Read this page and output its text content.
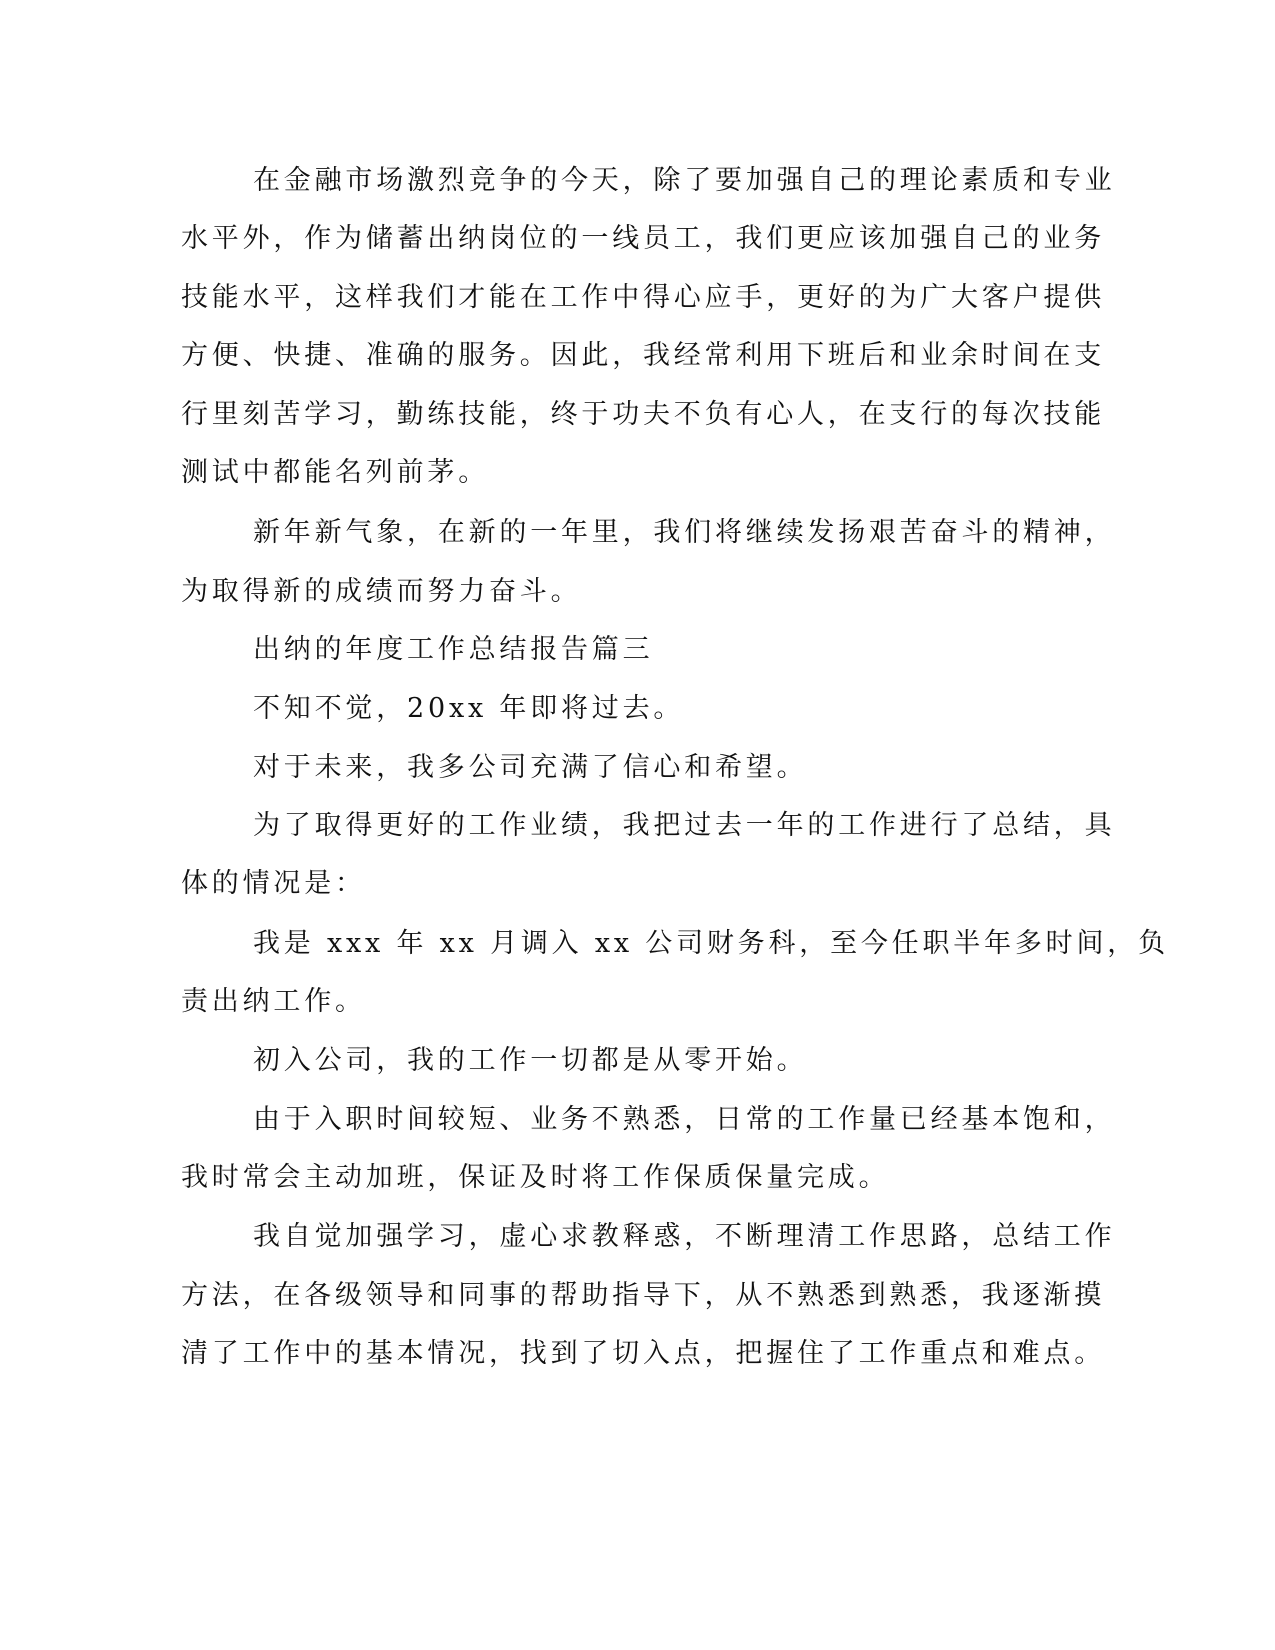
在金融市场激烈竞争的今天，除了要加强自己的理论素质和专业
水平外，作为储蓄出纳岗位的一线员工，我们更应该加强自己的业务
技能水平，这样我们才能在工作中得心应手，更好的为广大客户提供
方便、快捷、准确的服务。因此，我经常利用下班后和业余时间在支
行里刻苦学习，勤练技能，终于功夫不负有心人，在支行的每次技能
测试中都能名列前茅。
新年新气象，在新的一年里，我们将继续发扬艰苦奋斗的精神，
为取得新的成绩而努力奋斗。
出纳的年度工作总结报告篇三
不知不觉，20xx 年即将过去。
对于未来，我多公司充满了信心和希望。
为了取得更好的工作业绩，我把过去一年的工作进行了总结，具
体的情况是：
我是 xxx 年 xx 月调入 xx 公司财务科，至今任职半年多时间，负
责出纳工作。
初入公司，我的工作一切都是从零开始。
由于入职时间较短、业务不熟悉，日常的工作量已经基本饱和，
我时常会主动加班，保证及时将工作保质保量完成。
我自觉加强学习，虚心求教释惑，不断理清工作思路，总结工作
方法，在各级领导和同事的帮助指导下，从不熟悉到熟悉，我逐渐摸
清了工作中的基本情况，找到了切入点，把握住了工作重点和难点。
